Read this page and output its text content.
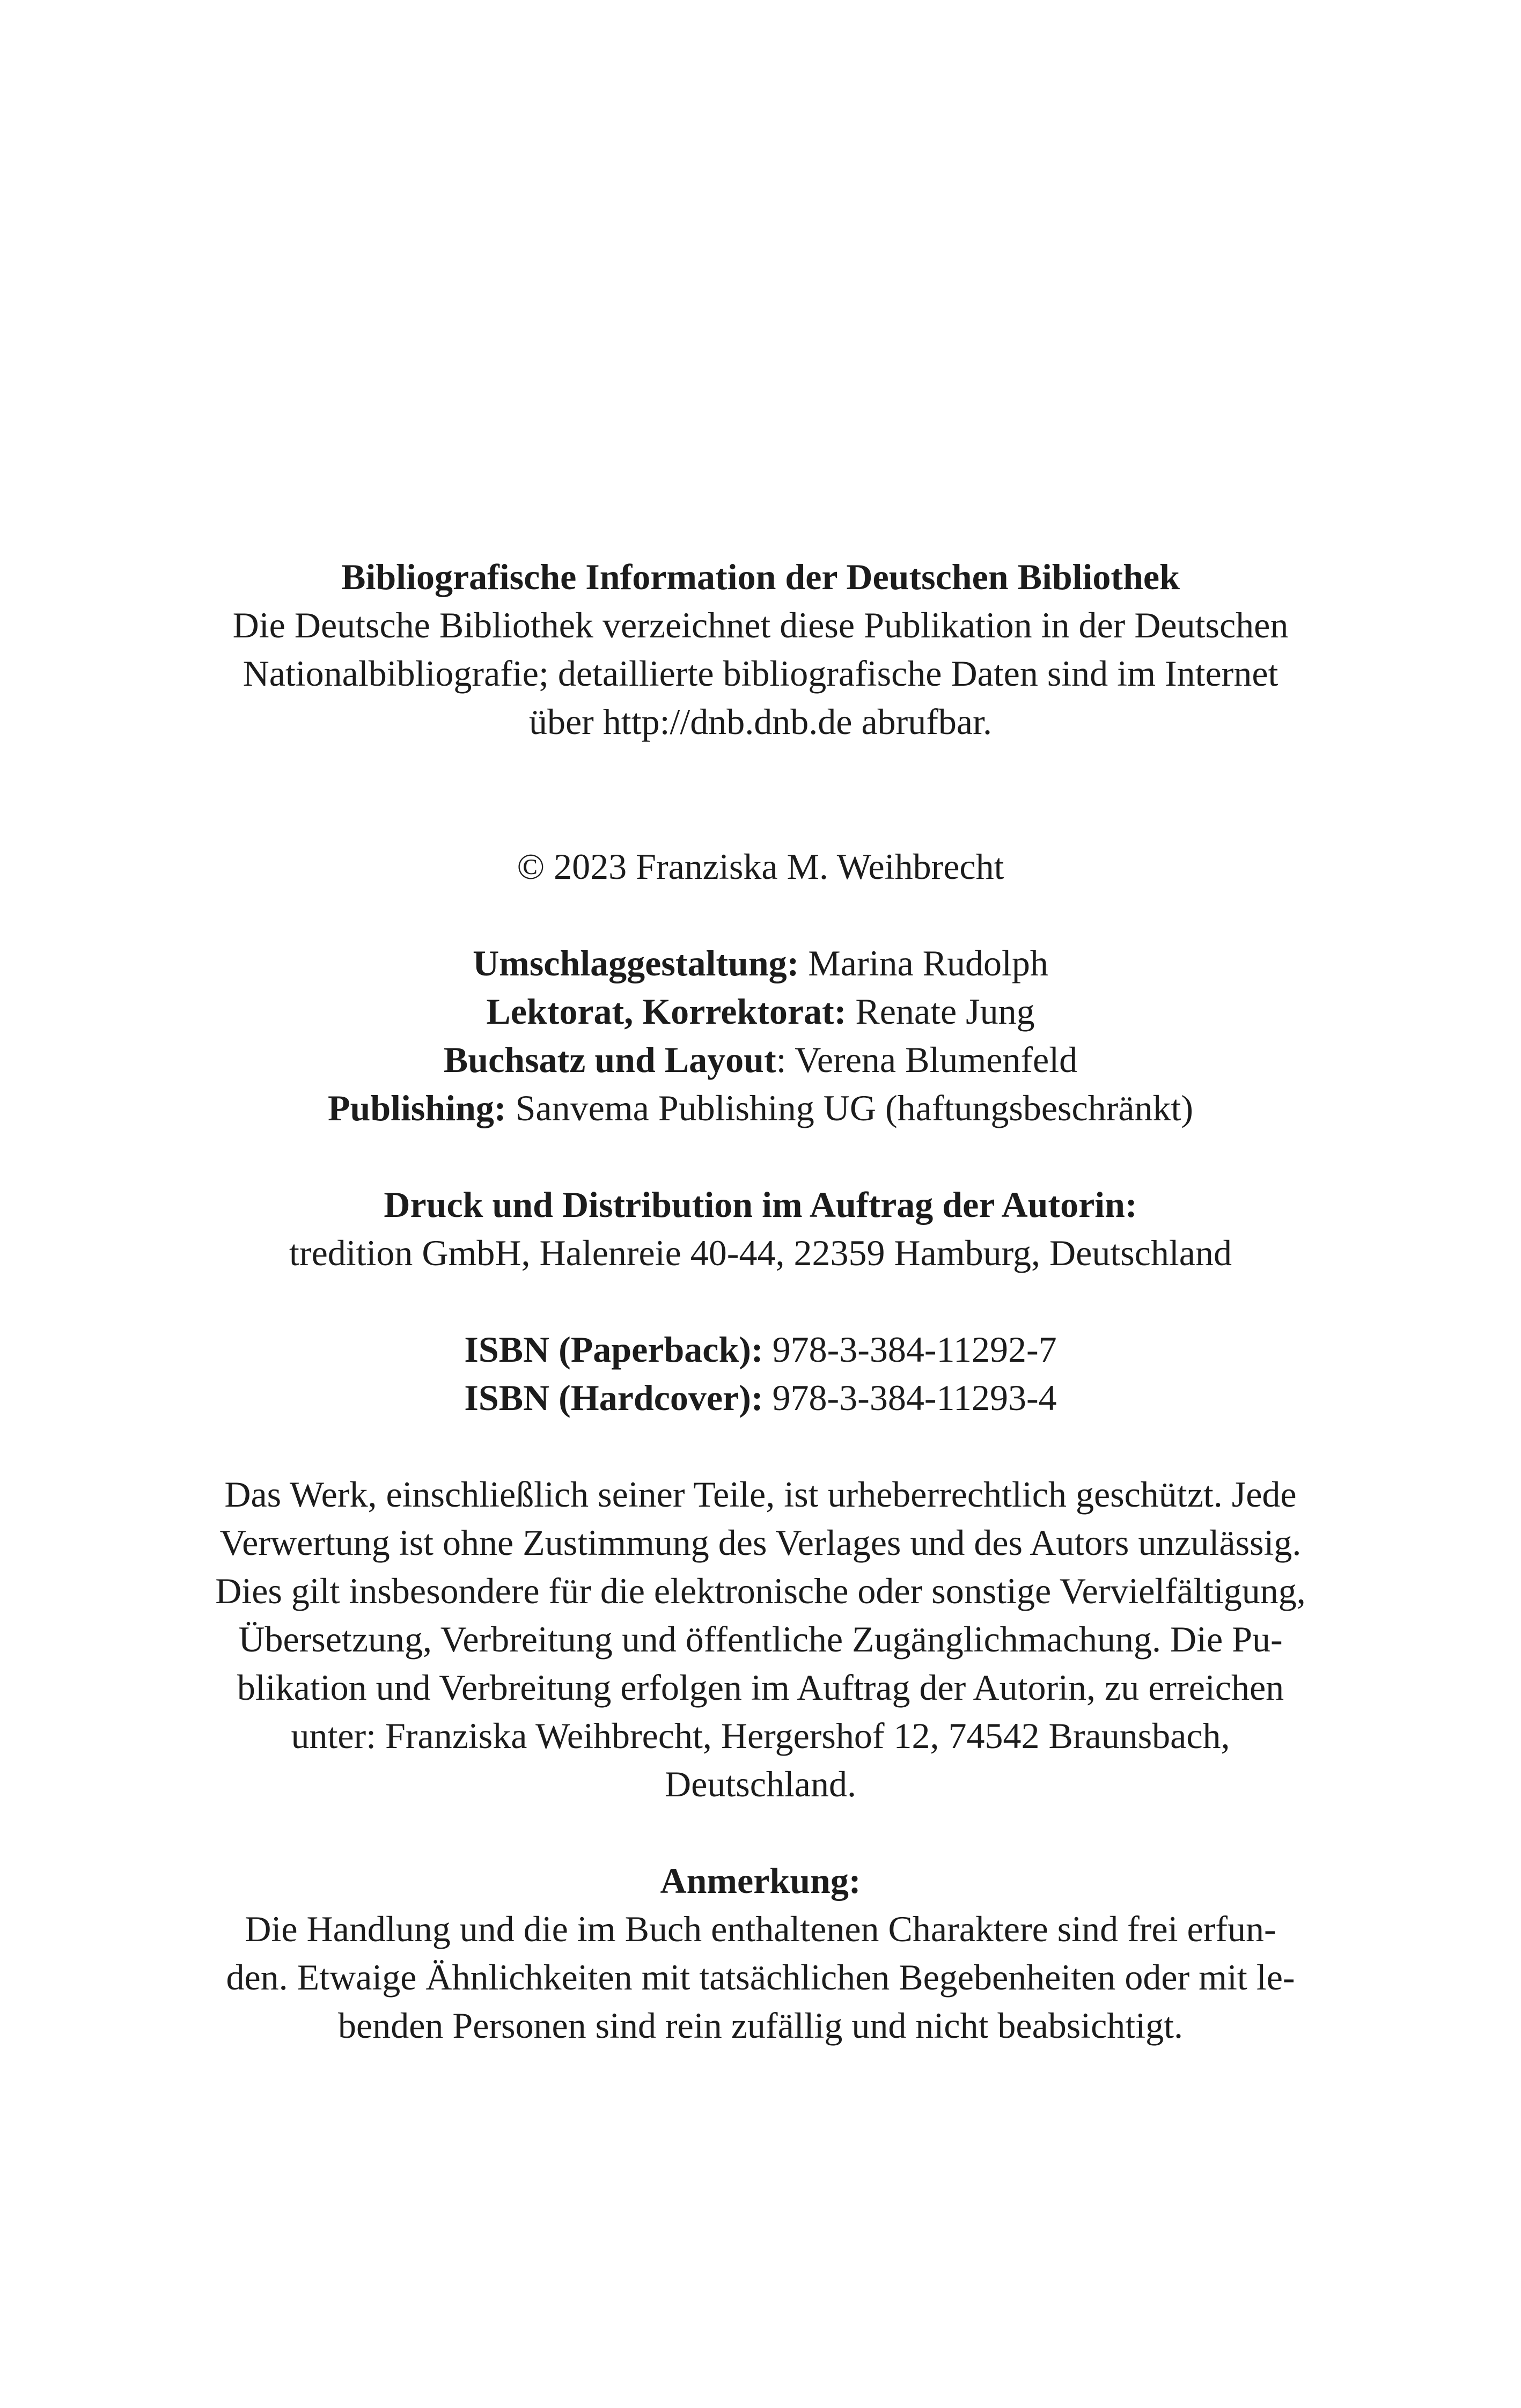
Bibliografische Information der Deutschen Bibliothek
Die Deutsche Bibliothek verzeichnet diese Publikation in der Deutschen
Nationalbibliografie; detaillierte bibliografische Daten sind im Internet
über http://dnb.dnb.de abrufbar.
© 2023 Franziska M. Weihbrecht
Umschlaggestaltung: Marina Rudolph
Lektorat, Korrektorat: Renate Jung
Buchsatz und Layout: Verena Blumenfeld
Publishing: Sanvema Publishing UG (haftungsbeschränkt)
Druck und Distribution im Auftrag der Autorin:
tredition GmbH, Halenreie 40-44, 22359 Hamburg, Deutschland
ISBN (Paperback): 978-3-384-11292-7
ISBN (Hardcover): 978-3-384-11293-4
Das Werk, einschließlich seiner Teile, ist urheberrechtlich geschützt. Jede
Verwertung ist ohne Zustimmung des Verlages und des Autors unzulässig.
Dies gilt insbesondere für die elektronische oder sonstige Vervielfältigung,
Übersetzung, Verbreitung und öffentliche Zugänglichmachung. Die Pu-
blikation und Verbreitung erfolgen im Auftrag der Autorin, zu erreichen
unter: Franziska Weihbrecht, Hergershof 12, 74542 Braunsbach,
Deutschland.
Anmerkung:
Die Handlung und die im Buch enthaltenen Charaktere sind frei erfun-
den. Etwaige Ähnlichkeiten mit tatsächlichen Begebenheiten oder mit le-
benden Personen sind rein zufällig und nicht beabsichtigt.
